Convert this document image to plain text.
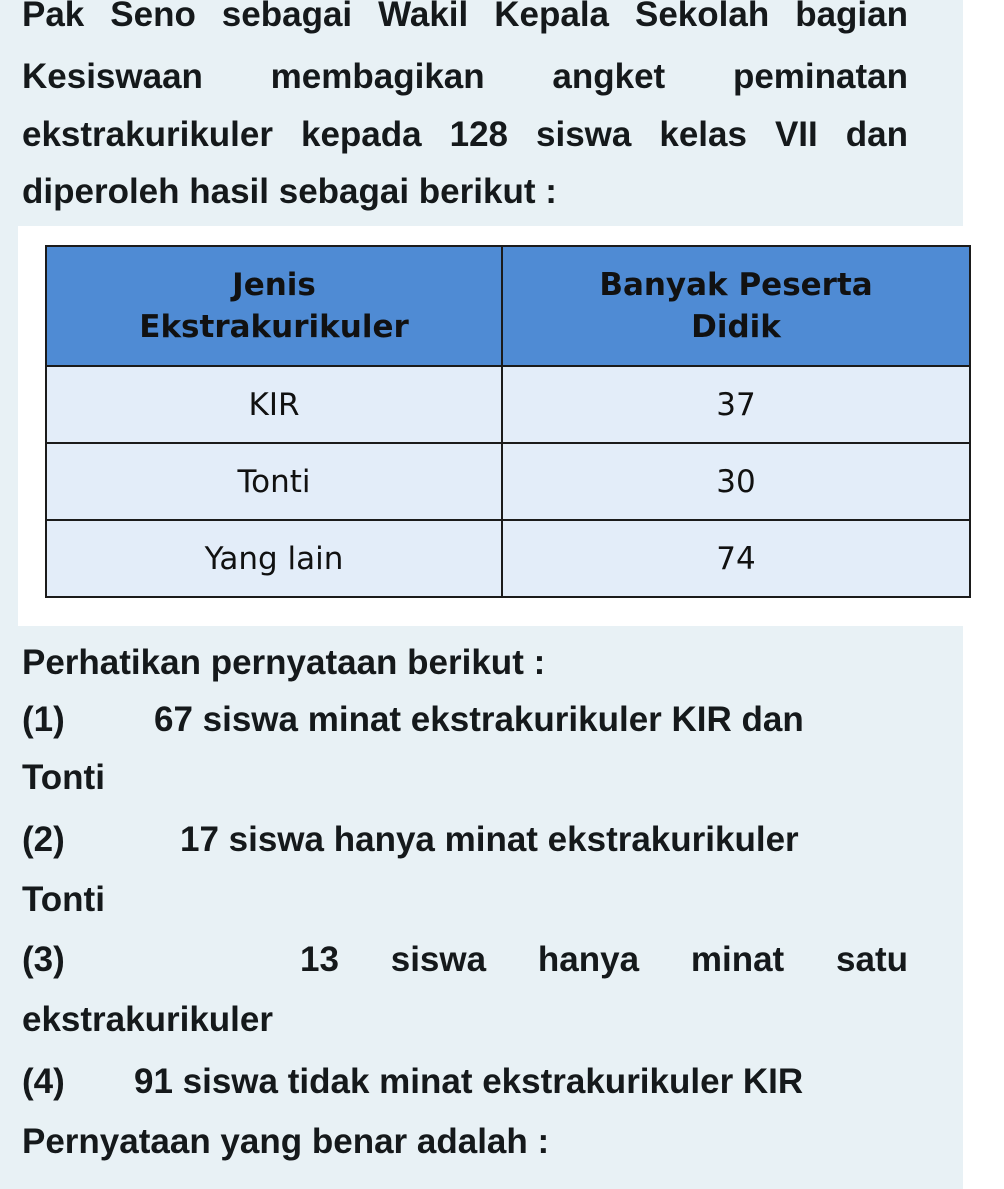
Pak Seno sebagai Wakil Kepala Sekolah bagian
Kesiswaan membagikan angket peminatan
ekstrakurikuler kepada 128 siswa kelas VII dan
diperoleh hasil sebagai berikut :
Jenis Ekstrakurikuler	Banyak Peserta Didik
KIR	37
Tonti	30
Yang lain	74
Perhatikan pernyataan berikut :
(1)	67 siswa minat ekstrakurikuler KIR dan
Tonti
(2)	17 siswa hanya minat ekstrakurikuler
Tonti
(3)	13 siswa hanya minat satu
ekstrakurikuler
(4) 91 siswa tidak minat ekstrakurikuler KIR
Pernyataan yang benar adalah :
